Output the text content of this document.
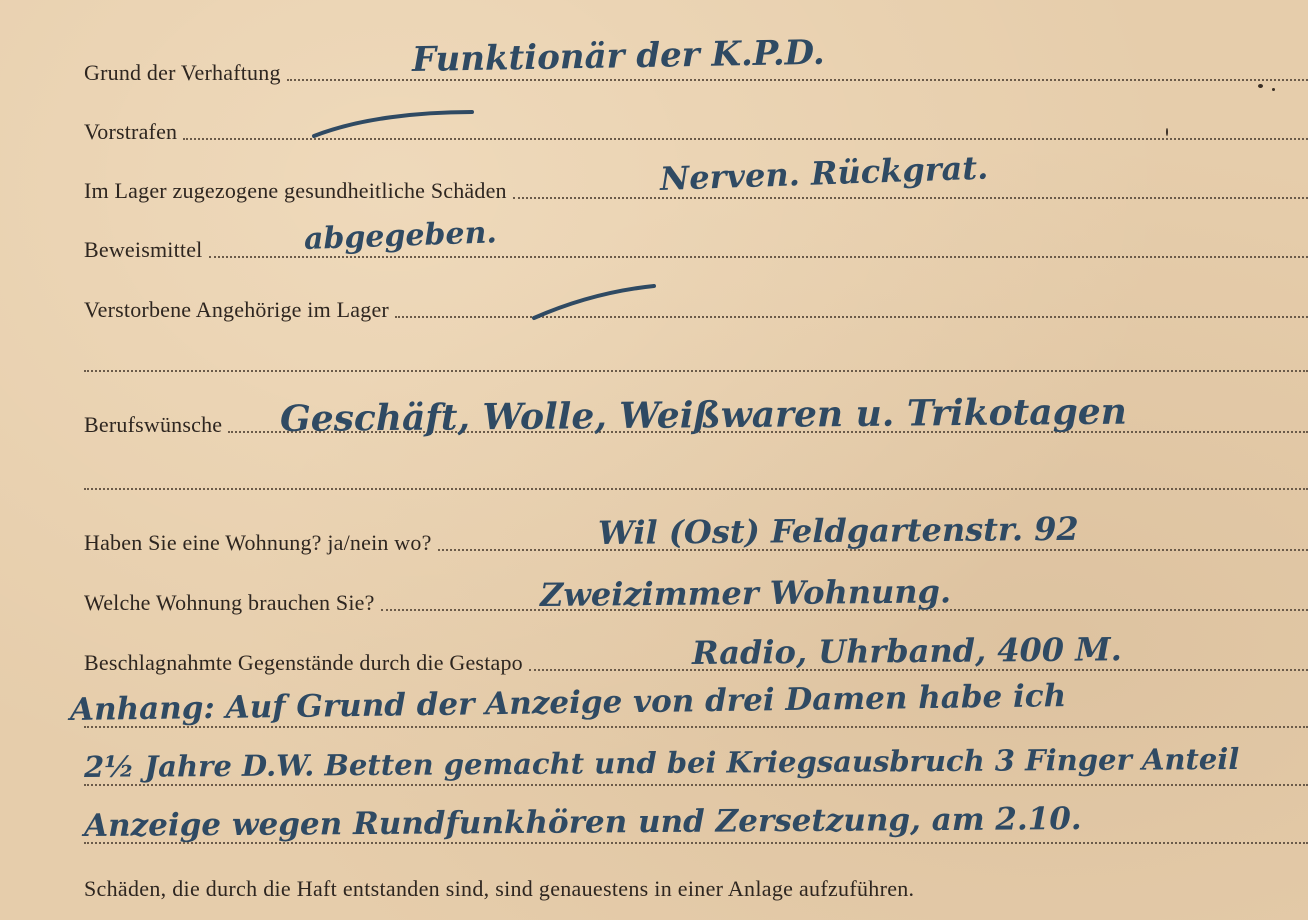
Grund der Verhaftung	Funktionär der K.P.D.
Vorstrafen
Im Lager zugezogene gesundheitliche Schäden	Nerven. Rückgrat.
Beweismittel	abgegeben.
Verstorbene Angehörige im Lager
Berufswünsche Geschäft, Wolle, Weißwaren u. Trikotagen
Haben Sie eine Wohnung? ja/nein wo?	Wil (Ost) Feldgartenstr. 92
Welche Wohnung brauchen Sie?	Zweizimmer Wohnung.
Beschlagnahmte Gegenstände durch die Gestapo	Radio, Uhrband, 400 M.
Anhang: Auf Grund der Anzeige von drei Damen habe ich
2½ Jahre D.W. Betten gemacht und bei Kriegsausbruch 3 Finger Anteil
Anzeige wegen Rundfunkhören und Zersetzung, am 2.10.
Schäden, die durch die Haft entstanden sind, sind genauestens in einer Anlage aufzuführen.
